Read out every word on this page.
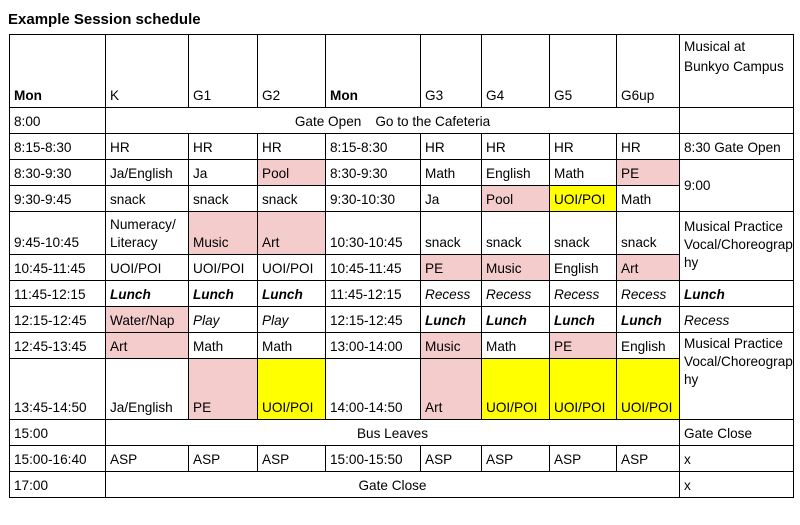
Example Session schedule
Mon	K	G1	G2	Mon	G3	G4	G5	G6up	Musical at Bunkyo Campus
8:00	Gate Open Go to the Cafeteria								
8:15-8:30	HR	HR	HR	8:15-8:30	HR	HR	HR	HR	8:30 Gate Open
8:30-9:30	Ja/English	Ja	Pool	8:30-9:30	Math	English	Math	PE	9:00
9:30-9:45	snack	snack	snack	9:30-10:30	Ja	Pool	UOI/POI	Math	
9:45-10:45	Numeracy/ Literacy	Music	Art	10:30-10:45	snack	snack	snack	snack	Musical Practice Vocal/Choreography
10:45-11:45	UOI/POI	UOI/POI	UOI/POI	10:45-11:45	PE	Music	English	Art	
11:45-12:15	Lunch	Lunch	Lunch	11:45-12:15	Recess	Recess	Recess	Recess	Lunch
12:15-12:45	Water/Nap	Play	Play	12:15-12:45	Lunch	Lunch	Lunch	Lunch	Recess
12:45-13:45	Art	Math	Math	13:00-14:00	Music	Math	PE	English	Musical Practice Vocal/Choreography
13:45-14:50	Ja/English	PE	UOI/POI	14:00-14:50	Art	UOI/POI	UOI/POI	UOI/POI	
15:00	Bus Leaves								Gate Close
15:00-16:40	ASP	ASP	ASP	15:00-15:50	ASP	ASP	ASP	ASP	x
17:00	Gate Close								x
